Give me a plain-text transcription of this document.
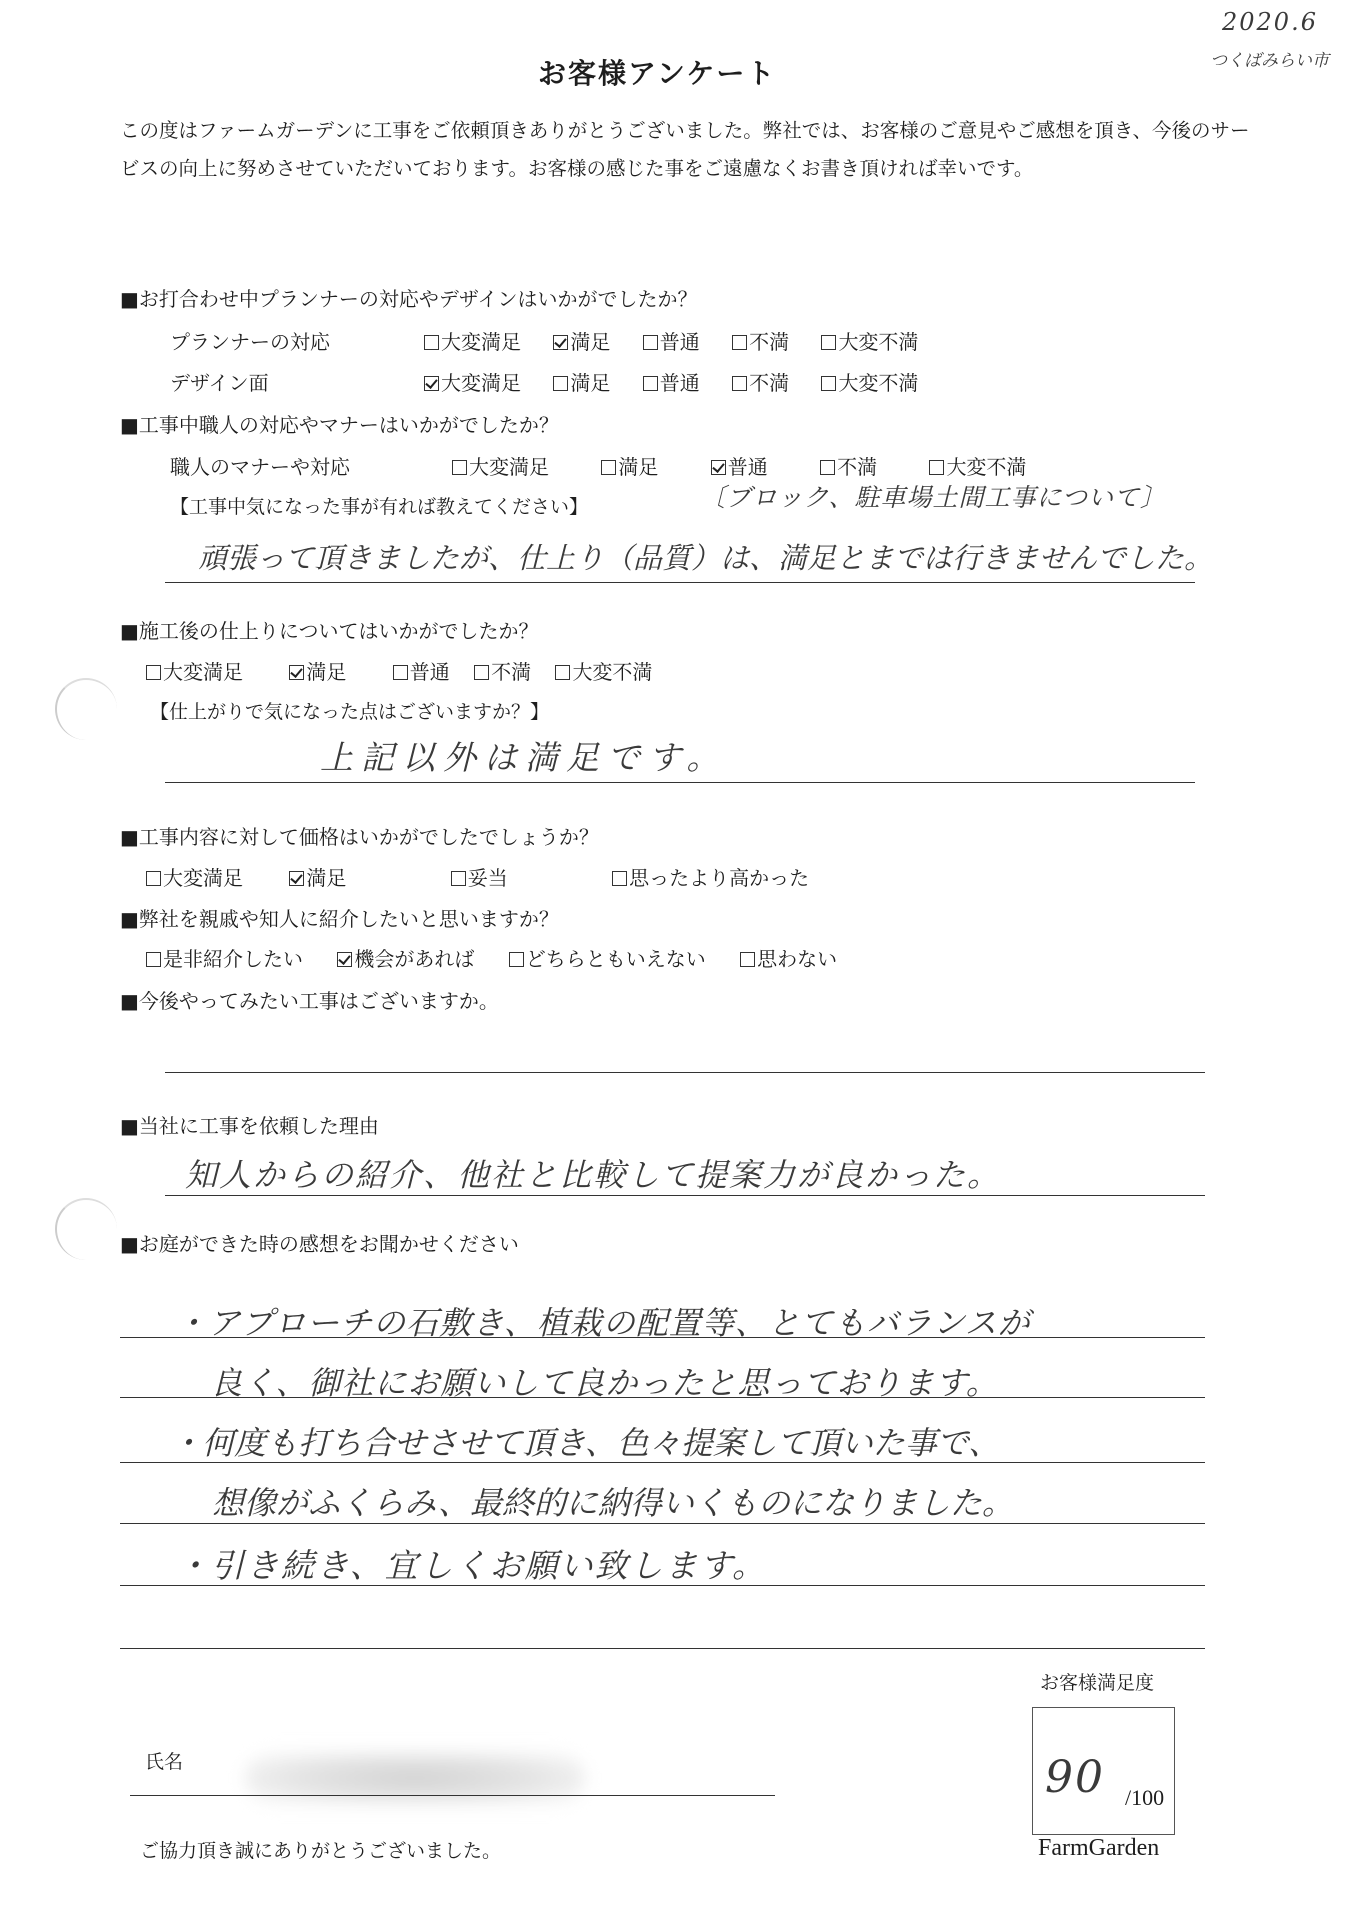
2020.6
つくばみらい市
お客様アンケート
この度はファームガーデンに工事をご依頼頂きありがとうございました。弊社では、お客様のご意見やご感想を頂き、今後のサービスの向上に努めさせていただいております。お客様の感じた事をご遠慮なくお書き頂ければ幸いです。
■お打合わせ中プランナーの対応やデザインはいかがでしたか？
プランナーの対応	大変満足 満足 普通 不満 大変不満
デザイン面	大変満足 満足 普通 不満 大変不満
■工事中職人の対応やマナーはいかがでしたか？
職人のマナーや対応	大変満足	満足	普通	不満	大変不満
【工事中気になった事が有れば教えてください】	〔ブロック、駐車場土間工事について〕
頑張って頂きましたが、仕上り（品質）は、満足とまでは行きませんでした。
■施工後の仕上りについてはいかがでしたか？
大変満足	満足	普通 不満 大変不満
【仕上がりで気になった点はございますか？】
上記以外は満足です。
■工事内容に対して価格はいかがでしたでしょうか？
大変満足	満足	妥当	思ったより高かった
■弊社を親戚や知人に紹介したいと思いますか？
是非紹介したい	機会があれば	どちらともいえない	思わない
■今後やってみたい工事はございますか。
■当社に工事を依頼した理由
知人からの紹介、他社と比較して提案力が良かった。
■お庭ができた時の感想をお聞かせください
・アプローチの石敷き、植栽の配置等、とてもバランスが
良く、御社にお願いして良かったと思っております。
・何度も打ち合せさせて頂き、色々提案して頂いた事で、
想像がふくらみ、最終的に納得いくものになりました。
・引き続き、宜しくお願い致します。
お客様満足度
90 /100
FarmGarden
氏名
ご協力頂き誠にありがとうございました。
